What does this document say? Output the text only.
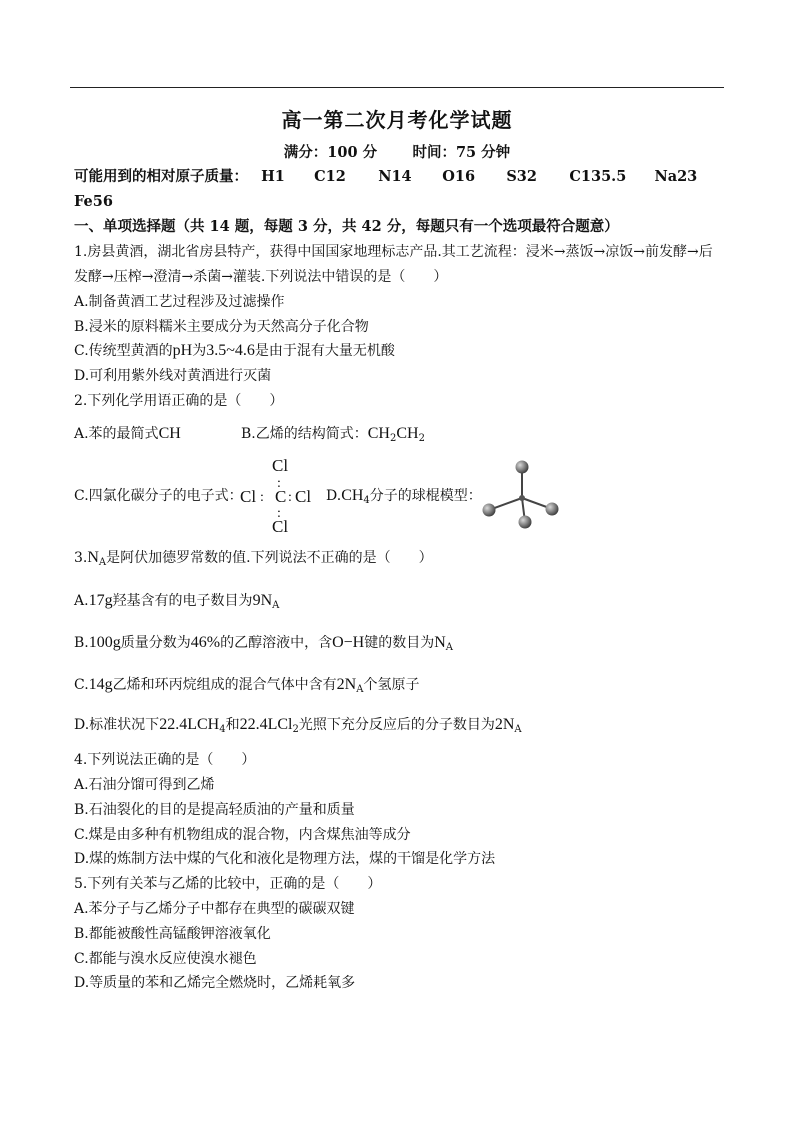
高一第二次月考化学试题
满分：100 分       时间：75 分钟
可能用到的相对原子质量： H1 C12 N14 O16 S32 C135.5 Na23
Fe56
一、单项选择题（共 14 题，每题 3 分，共 42 分，每题只有一个选项最符合题意）
1.房县黄酒，湖北省房县特产，获得中国国家地理标志产品.其工艺流程：浸米→蒸饭→凉饭→前发酵→后
发酵→压榨→澄清→杀菌→灌装.下列说法中错误的是（　　）
A.制备黄酒工艺过程涉及过滤操作
B.浸米的原料糯米主要成分为天然高分子化合物
C.传统型黄酒的pH为3.5~4.6是由于混有大量无机酸
D.可利用紫外线对黄酒进行灭菌
2.下列化学用语正确的是（　　）
A.苯的最简式CH	B.乙烯的结构简式：$CH_2CH_2$
C.四氯化碳分子的电子式：
Cl
:
Cl : C : Cl
:
Cl
$D.CH_4$分子的球棍模型：
$3.N_A$是阿伏加德罗常数的值.下列说法不正确的是（　　）
A.17g羟基含有的电子数目为$9N_A$
B.100g质量分数为46%的乙醇溶液中，含O−H键的数目为$N_A$
C.14g乙烯和环丙烷组成的混合气体中含有$2N_A$个氢原子
D.标准状况下$22.4LCH_4$和22.4LCl$_2$光照下充分反应后的分子数目为$2N_A$
4.下列说法正确的是（　　）
A.石油分馏可得到乙烯
B.石油裂化的目的是提高轻质油的产量和质量
C.煤是由多种有机物组成的混合物，内含煤焦油等成分
D.煤的炼制方法中煤的气化和液化是物理方法，煤的干馏是化学方法
5.下列有关苯与乙烯的比较中，正确的是（　　）
A.苯分子与乙烯分子中都存在典型的碳碳双键
B.都能被酸性高锰酸钾溶液氧化
C.都能与溴水反应使溴水褪色
D.等质量的苯和乙烯完全燃烧时，乙烯耗氧多
